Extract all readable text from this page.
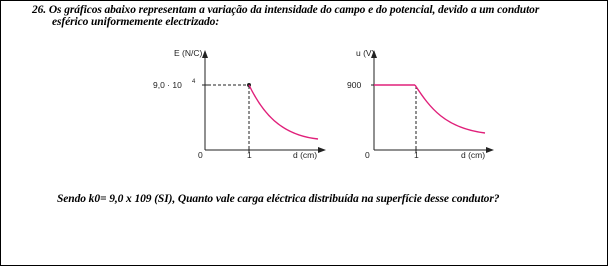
26. Os gráficos abaixo representam a variação da intensidade do campo e do potencial, devido a um condutor
esférico uniformemente electrizado:
E (N/C)
9,0 · 10 4
0	1	d (cm)
u (V)
900
0	1	d (cm)
Sendo k0= 9,0 x 109 (SI), Quanto vale carga eléctrica distribuída na superfície desse condutor?
